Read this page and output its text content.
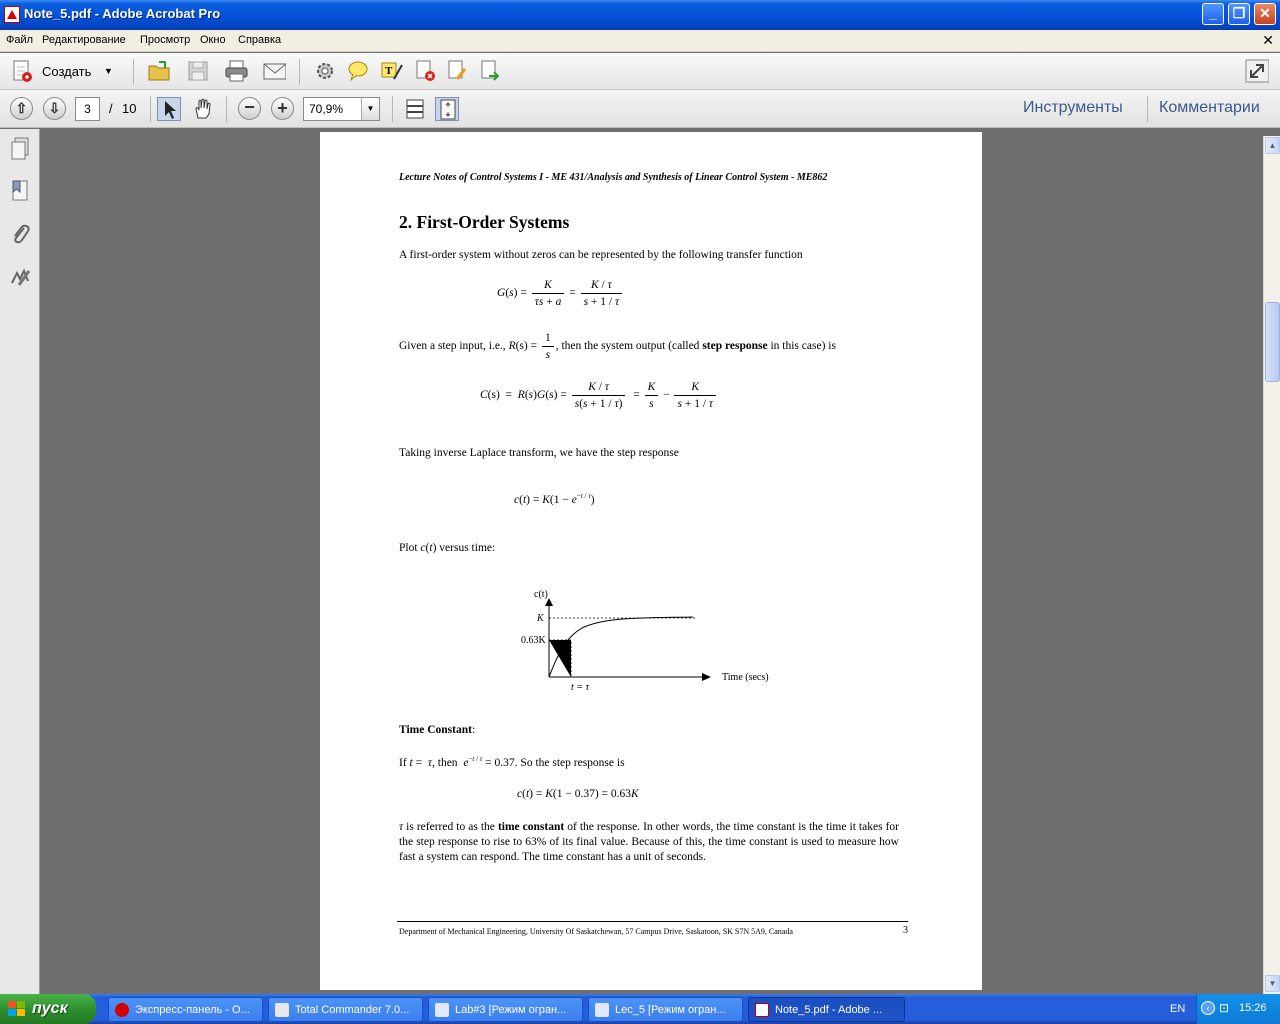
Note_5.pdf - Adobe Acrobat Pro	_	❐ ✕
Файл Редактирование Просмотр Окно Справка	✕
Создать ▼	T
⇧	⇩	/ 10	−	+	Инструменты Комментарии
3	70,9%	▼
Lecture Notes of Control Systems I - ME 431/Analysis and Synthesis of Linear Control System - ME862
2. First-Order Systems
A first-order system without zeros can be represented by the following transfer function
$G(s) = \frac{K}{\tau s + a} = \frac{K / \tau}{s + 1 / \tau}$
Given a step input, i.e., $R(s) = \frac{1}{s}$ , then the system output (called step response in this case) is
$C(s) = R(s)G(s) = \frac{K / \tau}{s(s + 1 / \tau)} = \frac{K}{s} - \frac{K}{s + 1 / \tau}$
Taking inverse Laplace transform, we have the step response
$c(t) = K(1 - e^{-t / \tau})$
Plot c(t) versus time:
c(t)
K
0.63K
Time (secs)
t = τ
Time Constant:
If t =  τ, then  $e^{-t / \tau} = 0.37$. So the step response is
c(t) = K(1 − 0.37) = 0.63K
τ is referred to as the time constant of the response. In other words, the time constant is the time it takes for the step response to rise to 63% of its final value. Because of this, the time constant is used to measure how fast a system can respond. The time constant has a unit of seconds.
Department of Mechanical Engineering, University Of Saskatchewan, 57 Campus Drive, Saskatoon, SK S7N 5A9, Canada	3
▲
▼
пуск	Экспресс-панель - О...	Total Commander 7.0...	Lab#3 [Режим огран...	Lec_5 [Режим огран...	Note_5.pdf - Adobe ...	EN	‹ ⊡ 15:26
